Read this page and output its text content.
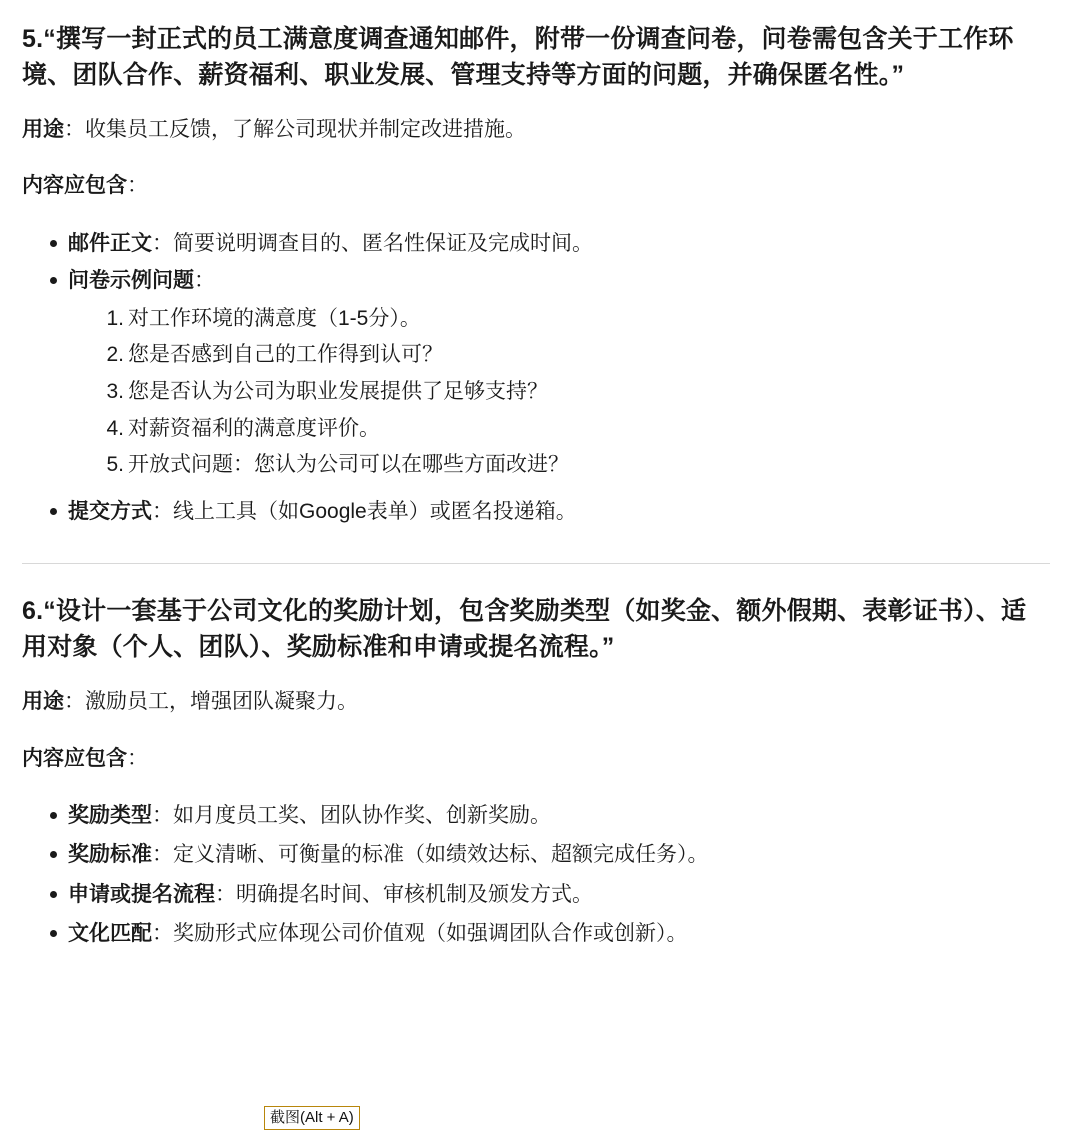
5.“撰写一封正式的员工满意度调查通知邮件，附带一份调查问卷，问卷需包含关于工作环境、团队合作、薪资福利、职业发展、管理支持等方面的问题，并确保匿名性。”

用途：收集员工反馈，了解公司现状并制定改进措施。

内容应包含：

邮件正文：简要说明调查目的、匿名性保证及完成时间。
问卷示例问题：
1. 对工作环境的满意度（1-5分）。
2. 您是否感到自己的工作得到认可？
3. 您是否认为公司为职业发展提供了足够支持？
4. 对薪资福利的满意度评价。
5. 开放式问题：您认为公司可以在哪些方面改进？
提交方式：线上工具（如Google表单）或匿名投递箱。
6.“设计一套基于公司文化的奖励计划，包含奖励类型（如奖金、额外假期、表彰证书）、适用对象（个人、团队）、奖励标准和申请或提名流程。”

用途：激励员工，增强团队凝聚力。

内容应包含：

奖励类型：如月度员工奖、团队协作奖、创新奖励。
奖励标准：定义清晰、可衡量的标准（如绩效达标、超额完成任务）。
申请或提名流程：明确提名时间、审核机制及颁发方式。
文化匹配：奖励形式应体现公司价值观（如强调团队合作或创新）。
截图(Alt + A)
